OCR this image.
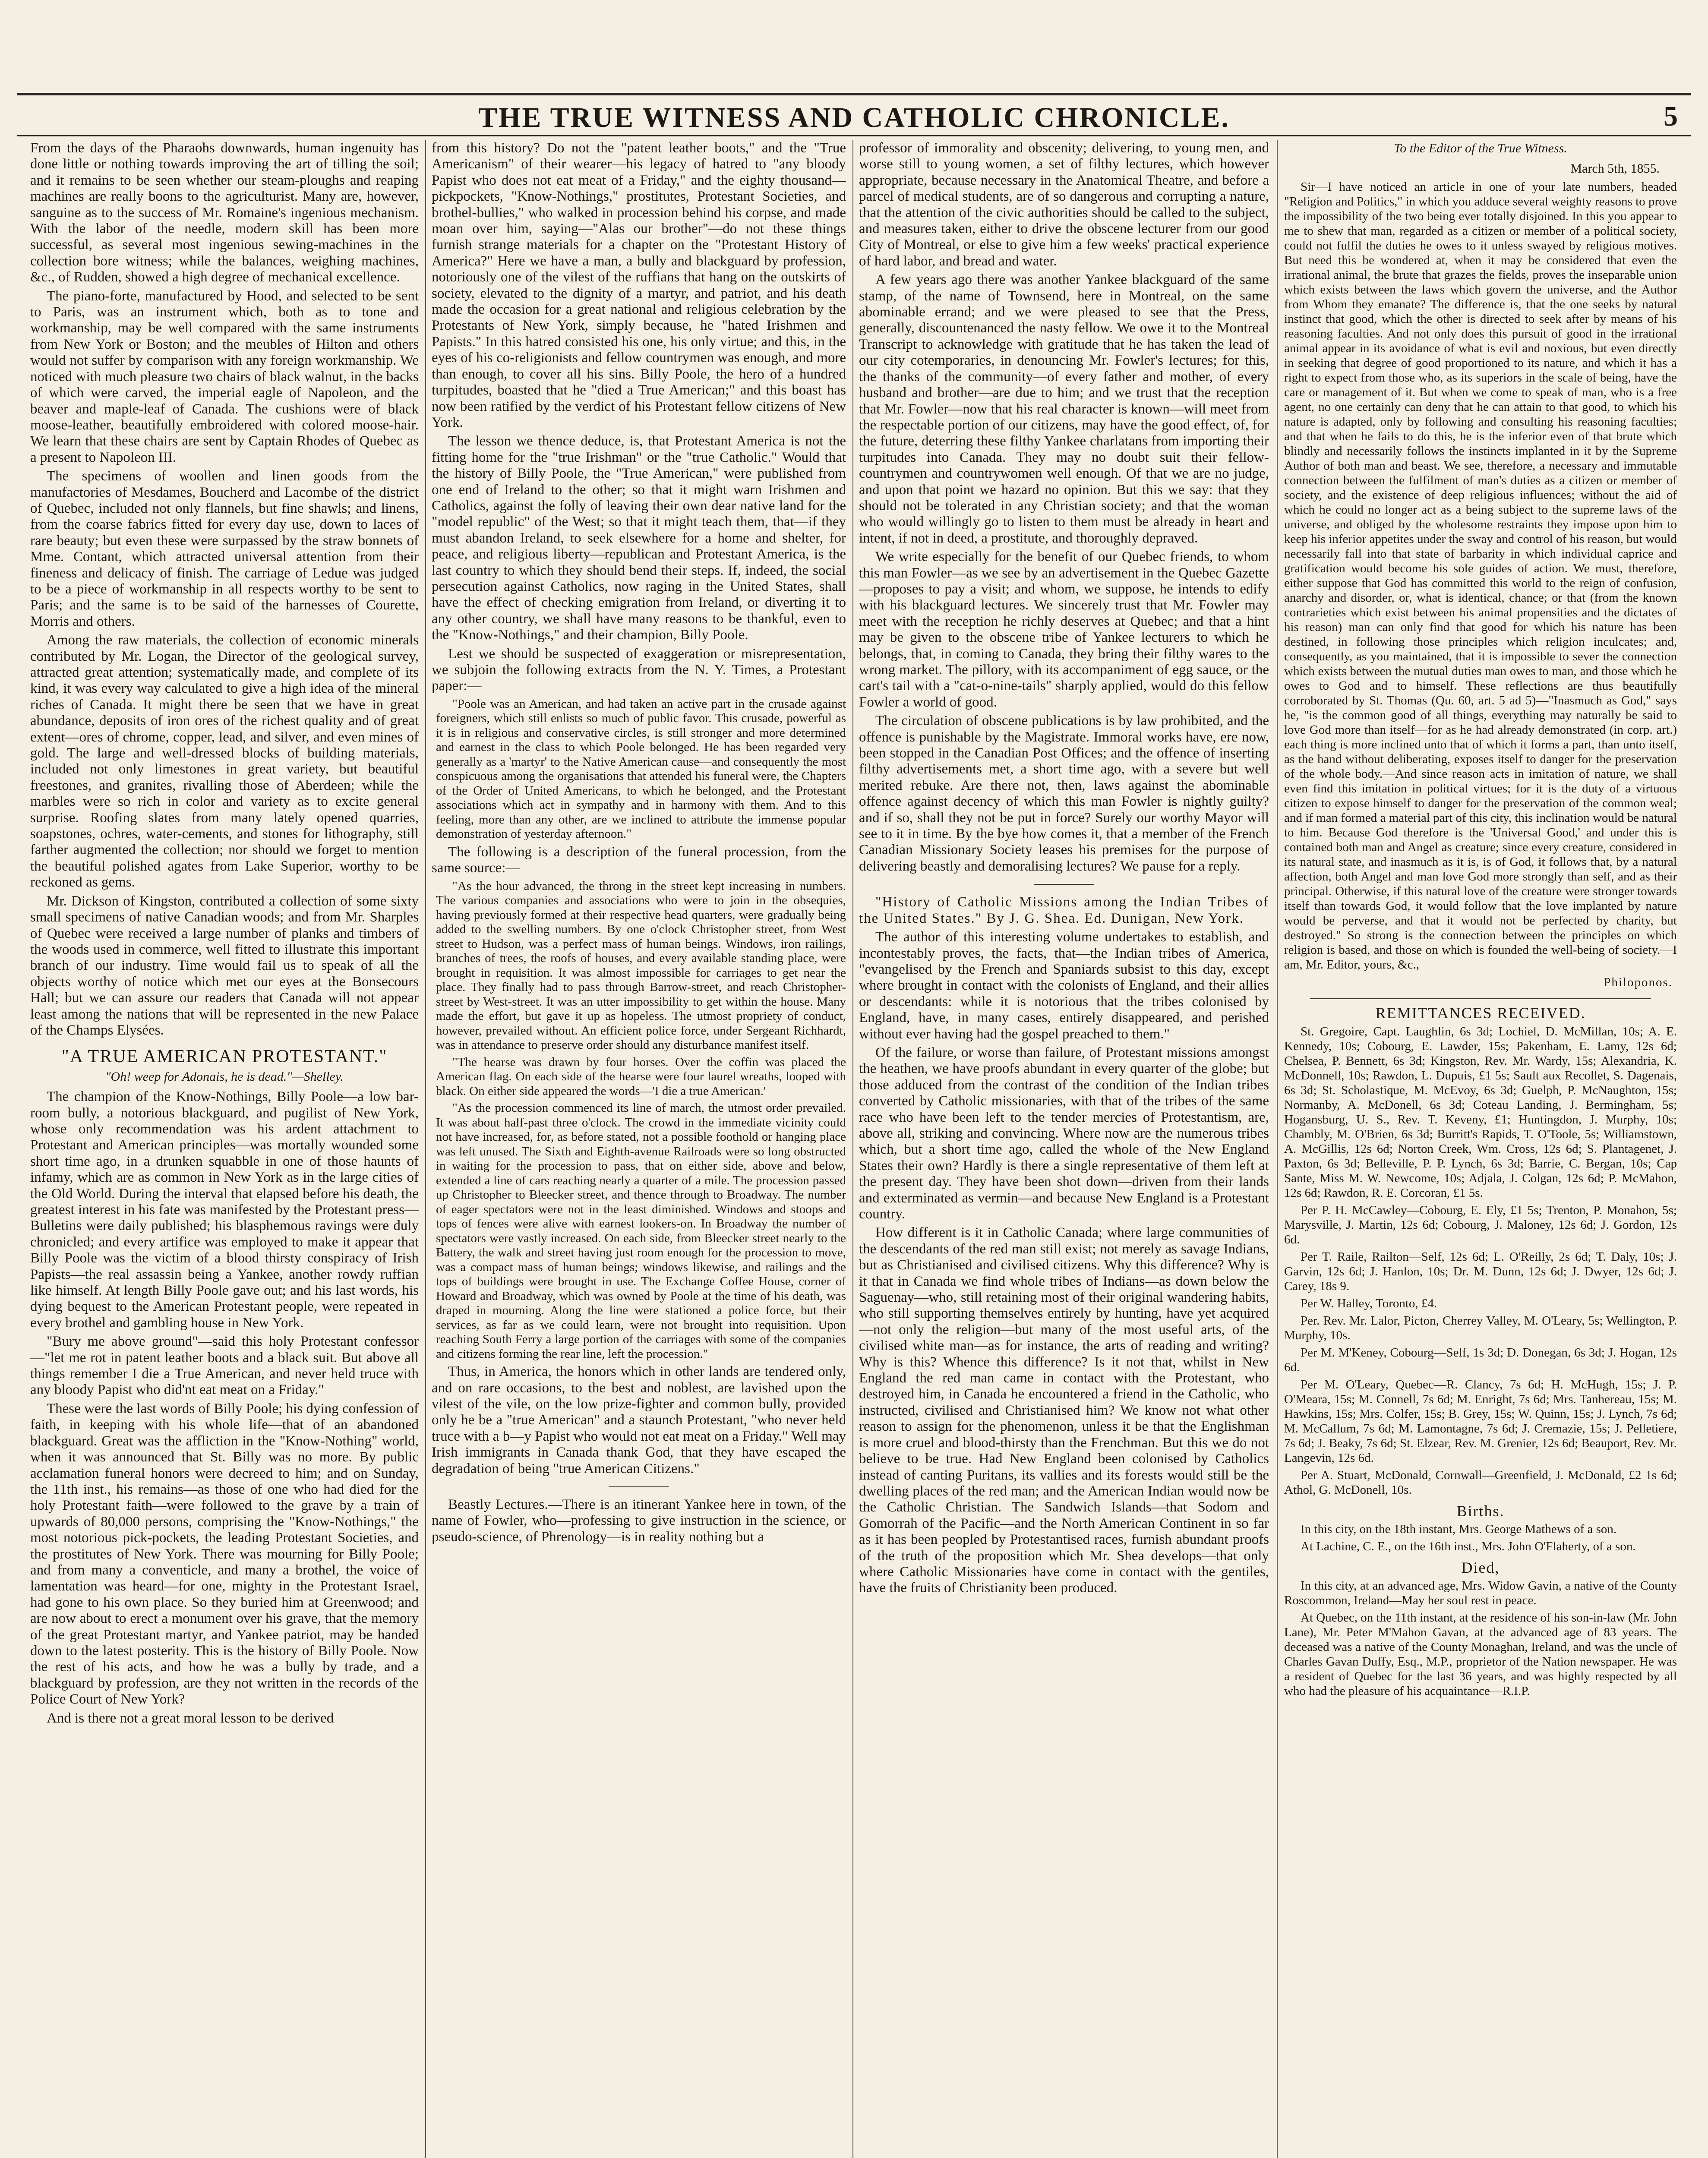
THE TRUE WITNESS AND CATHOLIC CHRONICLE.	5

From the days of the Pharaohs downwards, human ingenuity has done little or nothing towards improving the art of tilling the soil; and it remains to be seen whether our steam-ploughs and reaping machines are really boons to the agriculturist. Many are, however, sanguine as to the success of Mr. Romaine's ingenious mechanism. With the labor of the needle, modern skill has been more successful, as several most ingenious sewing-machines in the collection bore witness; while the balances, weighing machines, &c., of Rudden, showed a high degree of mechanical excellence.

The piano-forte, manufactured by Hood, and selected to be sent to Paris, was an instrument which, both as to tone and workmanship, may be well compared with the same instruments from New York or Boston; and the meubles of Hilton and others would not suffer by comparison with any foreign workmanship. We noticed with much pleasure two chairs of black walnut, in the backs of which were carved, the imperial eagle of Napoleon, and the beaver and maple-leaf of Canada. The cushions were of black moose-leather, beautifully embroidered with colored moose-hair. We learn that these chairs are sent by Captain Rhodes of Quebec as a present to Napoleon III.

The specimens of woollen and linen goods from the manufactories of Mesdames, Boucherd and Lacombe of the district of Quebec, included not only flannels, but fine shawls; and linens, from the coarse fabrics fitted for every day use, down to laces of rare beauty; but even these were surpassed by the straw bonnets of Mme. Contant, which attracted universal attention from their fineness and delicacy of finish. The carriage of Ledue was judged to be a piece of workmanship in all respects worthy to be sent to Paris; and the same is to be said of the harnesses of Courette, Morris and others.

Among the raw materials, the collection of economic minerals contributed by Mr. Logan, the Director of the geological survey, attracted great attention; systematically made, and complete of its kind, it was every way calculated to give a high idea of the mineral riches of Canada. It might there be seen that we have in great abundance, deposits of iron ores of the richest quality and of great extent—ores of chrome, copper, lead, and silver, and even mines of gold. The large and well-dressed blocks of building materials, included not only limestones in great variety, but beautiful freestones, and granites, rivalling those of Aberdeen; while the marbles were so rich in color and variety as to excite general surprise. Roofing slates from many lately opened quarries, soapstones, ochres, water-cements, and stones for lithography, still farther augmented the collection; nor should we forget to mention the beautiful polished agates from Lake Superior, worthy to be reckoned as gems.

Mr. Dickson of Kingston, contributed a collection of some sixty small specimens of native Canadian woods; and from Mr. Sharples of Quebec were received a large number of planks and timbers of the woods used in commerce, well fitted to illustrate this important branch of our industry. Time would fail us to speak of all the objects worthy of notice which met our eyes at the Bonsecours Hall; but we can assure our readers that Canada will not appear least among the nations that will be represented in the new Palace of the Champs Elysées.

"A TRUE AMERICAN PROTESTANT."

"Oh! weep for Adonais, he is dead."—Shelley.

The champion of the Know-Nothings, Billy Poole—a low bar-room bully, a notorious blackguard, and pugilist of New York, whose only recommendation was his ardent attachment to Protestant and American principles—was mortally wounded some short time ago, in a drunken squabble in one of those haunts of infamy, which are as common in New York as in the large cities of the Old World. During the interval that elapsed before his death, the greatest interest in his fate was manifested by the Protestant press—Bulletins were daily published; his blasphemous ravings were duly chronicled; and every artifice was employed to make it appear that Billy Poole was the victim of a blood thirsty conspiracy of Irish Papists—the real assassin being a Yankee, another rowdy ruffian like himself. At length Billy Poole gave out; and his last words, his dying bequest to the American Protestant people, were repeated in every brothel and gambling house in New York.

"Bury me above ground"—said this holy Protestant confessor—"let me rot in patent leather boots and a black suit. But above all things remember I die a True American, and never held truce with any bloody Papist who did'nt eat meat on a Friday."

These were the last words of Billy Poole; his dying confession of faith, in keeping with his whole life—that of an abandoned blackguard. Great was the affliction in the "Know-Nothing" world, when it was announced that St. Billy was no more. By public acclamation funeral honors were decreed to him; and on Sunday, the 11th inst., his remains—as those of one who had died for the holy Protestant faith—were followed to the grave by a train of upwards of 80,000 persons, comprising the "Know-Nothings," the most notorious pick-pockets, the leading Protestant Societies, and the prostitutes of New York. There was mourning for Billy Poole; and from many a conventicle, and many a brothel, the voice of lamentation was heard—for one, mighty in the Protestant Israel, had gone to his own place. So they buried him at Greenwood; and are now about to erect a monument over his grave, that the memory of the great Protestant martyr, and Yankee patriot, may be handed down to the latest posterity. This is the history of Billy Poole. Now the rest of his acts, and how he was a bully by trade, and a blackguard by profession, are they not written in the records of the Police Court of New York?

And is there not a great moral lesson to be derived

from this history? Do not the "patent leather boots," and the "True Americanism" of their wearer—his legacy of hatred to "any bloody Papist who does not eat meat of a Friday," and the eighty thousand—pickpockets, "Know-Nothings," prostitutes, Protestant Societies, and brothel-bullies," who walked in procession behind his corpse, and made moan over him, saying—"Alas our brother"—do not these things furnish strange materials for a chapter on the "Protestant History of America?" Here we have a man, a bully and blackguard by profession, notoriously one of the vilest of the ruffians that hang on the outskirts of society, elevated to the dignity of a martyr, and patriot, and his death made the occasion for a great national and religious celebration by the Protestants of New York, simply because, he "hated Irishmen and Papists." In this hatred consisted his one, his only virtue; and this, in the eyes of his co-religionists and fellow countrymen was enough, and more than enough, to cover all his sins. Billy Poole, the hero of a hundred turpitudes, boasted that he "died a True American;" and this boast has now been ratified by the verdict of his Protestant fellow citizens of New York.

The lesson we thence deduce, is, that Protestant America is not the fitting home for the "true Irishman" or the "true Catholic." Would that the history of Billy Poole, the "True American," were published from one end of Ireland to the other; so that it might warn Irishmen and Catholics, against the folly of leaving their own dear native land for the "model republic" of the West; so that it might teach them, that—if they must abandon Ireland, to seek elsewhere for a home and shelter, for peace, and religious liberty—republican and Protestant America, is the last country to which they should bend their steps. If, indeed, the social persecution against Catholics, now raging in the United States, shall have the effect of checking emigration from Ireland, or diverting it to any other country, we shall have many reasons to be thankful, even to the "Know-Nothings," and their champion, Billy Poole.

Lest we should be suspected of exaggeration or misrepresentation, we subjoin the following extracts from the N. Y. Times, a Protestant paper:—

"Poole was an American, and had taken an active part in the crusade against foreigners, which still enlists so much of public favor. This crusade, powerful as it is in religious and conservative circles, is still stronger and more determined and earnest in the class to which Poole belonged. He has been regarded very generally as a 'martyr' to the Native American cause—and consequently the most conspicuous among the organisations that attended his funeral were, the Chapters of the Order of United Americans, to which he belonged, and the Protestant associations which act in sympathy and in harmony with them. And to this feeling, more than any other, are we inclined to attribute the immense popular demonstration of yesterday afternoon."

The following is a description of the funeral procession, from the same source:—

"As the hour advanced, the throng in the street kept increasing in numbers. The various companies and associations who were to join in the obsequies, having previously formed at their respective head quarters, were gradually being added to the swelling numbers. By one o'clock Christopher street, from West street to Hudson, was a perfect mass of human beings. Windows, iron railings, branches of trees, the roofs of houses, and every available standing place, were brought in requisition. It was almost impossible for carriages to get near the place. They finally had to pass through Barrow-street, and reach Christopher-street by West-street. It was an utter impossibility to get within the house. Many made the effort, but gave it up as hopeless. The utmost propriety of conduct, however, prevailed without. An efficient police force, under Sergeant Richhardt, was in attendance to preserve order should any disturbance manifest itself.

"The hearse was drawn by four horses. Over the coffin was placed the American flag. On each side of the hearse were four laurel wreaths, looped with black. On either side appeared the words—'I die a true American.'

"As the procession commenced its line of march, the utmost order prevailed. It was about half-past three o'clock. The crowd in the immediate vicinity could not have increased, for, as before stated, not a possible foothold or hanging place was left unused. The Sixth and Eighth-avenue Railroads were so long obstructed in waiting for the procession to pass, that on either side, above and below, extended a line of cars reaching nearly a quarter of a mile. The procession passed up Christopher to Bleecker street, and thence through to Broadway. The number of eager spectators were not in the least diminished. Windows and stoops and tops of fences were alive with earnest lookers-on. In Broadway the number of spectators were vastly increased. On each side, from Bleecker street nearly to the Battery, the walk and street having just room enough for the procession to move, was a compact mass of human beings; windows likewise, and railings and the tops of buildings were brought in use. The Exchange Coffee House, corner of Howard and Broadway, which was owned by Poole at the time of his death, was draped in mourning. Along the line were stationed a police force, but their services, as far as we could learn, were not brought into requisition. Upon reaching South Ferry a large portion of the carriages with some of the companies and citizens forming the rear line, left the procession."

Thus, in America, the honors which in other lands are tendered only, and on rare occasions, to the best and noblest, are lavished upon the vilest of the vile, on the low prize-fighter and common bully, provided only he be a "true American" and a staunch Protestant, "who never held truce with a b—y Papist who would not eat meat on a Friday." Well may Irish immigrants in Canada thank God, that they have escaped the degradation of being "true American Citizens."

Beastly Lectures.—There is an itinerant Yankee here in town, of the name of Fowler, who—professing to give instruction in the science, or pseudo-science, of Phrenology—is in reality nothing but a

professor of immorality and obscenity; delivering, to young men, and worse still to young women, a set of filthy lectures, which however appropriate, because necessary in the Anatomical Theatre, and before a parcel of medical students, are of so dangerous and corrupting a nature, that the attention of the civic authorities should be called to the subject, and measures taken, either to drive the obscene lecturer from our good City of Montreal, or else to give him a few weeks' practical experience of hard labor, and bread and water.

A few years ago there was another Yankee blackguard of the same stamp, of the name of Townsend, here in Montreal, on the same abominable errand; and we were pleased to see that the Press, generally, discountenanced the nasty fellow. We owe it to the Montreal Transcript to acknowledge with gratitude that he has taken the lead of our city cotemporaries, in denouncing Mr. Fowler's lectures; for this, the thanks of the community—of every father and mother, of every husband and brother—are due to him; and we trust that the reception that Mr. Fowler—now that his real character is known—will meet from the respectable portion of our citizens, may have the good effect, of, for the future, deterring these filthy Yankee charlatans from importing their turpitudes into Canada. They may no doubt suit their fellow-countrymen and countrywomen well enough. Of that we are no judge, and upon that point we hazard no opinion. But this we say: that they should not be tolerated in any Christian society; and that the woman who would willingly go to listen to them must be already in heart and intent, if not in deed, a prostitute, and thoroughly depraved.

We write especially for the benefit of our Quebec friends, to whom this man Fowler—as we see by an advertisement in the Quebec Gazette—proposes to pay a visit; and whom, we suppose, he intends to edify with his blackguard lectures. We sincerely trust that Mr. Fowler may meet with the reception he richly deserves at Quebec; and that a hint may be given to the obscene tribe of Yankee lecturers to which he belongs, that, in coming to Canada, they bring their filthy wares to the wrong market. The pillory, with its accompaniment of egg sauce, or the cart's tail with a "cat-o-nine-tails" sharply applied, would do this fellow Fowler a world of good.

The circulation of obscene publications is by law prohibited, and the offence is punishable by the Magistrate. Immoral works have, ere now, been stopped in the Canadian Post Offices; and the offence of inserting filthy advertisements met, a short time ago, with a severe but well merited rebuke. Are there not, then, laws against the abominable offence against decency of which this man Fowler is nightly guilty? and if so, shall they not be put in force? Surely our worthy Mayor will see to it in time. By the bye how comes it, that a member of the French Canadian Missionary Society leases his premises for the purpose of delivering beastly and demoralising lectures? We pause for a reply.

"History of Catholic Missions among the Indian Tribes of the United States." By J. G. Shea. Ed. Dunigan, New York.

The author of this interesting volume undertakes to establish, and incontestably proves, the facts, that—the Indian tribes of America, "evangelised by the French and Spaniards subsist to this day, except where brought in contact with the colonists of England, and their allies or descendants: while it is notorious that the tribes colonised by England, have, in many cases, entirely disappeared, and perished without ever having had the gospel preached to them."

Of the failure, or worse than failure, of Protestant missions amongst the heathen, we have proofs abundant in every quarter of the globe; but those adduced from the contrast of the condition of the Indian tribes converted by Catholic missionaries, with that of the tribes of the same race who have been left to the tender mercies of Protestantism, are, above all, striking and convincing. Where now are the numerous tribes which, but a short time ago, called the whole of the New England States their own? Hardly is there a single representative of them left at the present day. They have been shot down—driven from their lands and exterminated as vermin—and because New England is a Protestant country.

How different is it in Catholic Canada; where large communities of the descendants of the red man still exist; not merely as savage Indians, but as Christianised and civilised citizens. Why this difference? Why is it that in Canada we find whole tribes of Indians—as down below the Saguenay—who, still retaining most of their original wandering habits, who still supporting themselves entirely by hunting, have yet acquired—not only the religion—but many of the most useful arts, of the civilised white man—as for instance, the arts of reading and writing? Why is this? Whence this difference? Is it not that, whilst in New England the red man came in contact with the Protestant, who destroyed him, in Canada he encountered a friend in the Catholic, who instructed, civilised and Christianised him? We know not what other reason to assign for the phenomenon, unless it be that the Englishman is more cruel and blood-thirsty than the Frenchman. But this we do not believe to be true. Had New England been colonised by Catholics instead of canting Puritans, its vallies and its forests would still be the dwelling places of the red man; and the American Indian would now be the Catholic Christian. The Sandwich Islands—that Sodom and Gomorrah of the Pacific—and the North American Continent in so far as it has been peopled by Protestantised races, furnish abundant proofs of the truth of the proposition which Mr. Shea develops—that only where Catholic Missionaries have come in contact with the gentiles, have the fruits of Christianity been produced.

To the Editor of the True Witness.

March 5th, 1855.

Sir—I have noticed an article in one of your late numbers, headed "Religion and Politics," in which you adduce several weighty reasons to prove the impossibility of the two being ever totally disjoined. In this you appear to me to shew that man, regarded as a citizen or member of a political society, could not fulfil the duties he owes to it unless swayed by religious motives. But need this be wondered at, when it may be considered that even the irrational animal, the brute that grazes the fields, proves the inseparable union which exists between the laws which govern the universe, and the Author from Whom they emanate? The difference is, that the one seeks by natural instinct that good, which the other is directed to seek after by means of his reasoning faculties. And not only does this pursuit of good in the irrational animal appear in its avoidance of what is evil and noxious, but even directly in seeking that degree of good proportioned to its nature, and which it has a right to expect from those who, as its superiors in the scale of being, have the care or management of it. But when we come to speak of man, who is a free agent, no one certainly can deny that he can attain to that good, to which his nature is adapted, only by following and consulting his reasoning faculties; and that when he fails to do this, he is the inferior even of that brute which blindly and necessarily follows the instincts implanted in it by the Supreme Author of both man and beast. We see, therefore, a necessary and immutable connection between the fulfilment of man's duties as a citizen or member of society, and the existence of deep religious influences; without the aid of which he could no longer act as a being subject to the supreme laws of the universe, and obliged by the wholesome restraints they impose upon him to keep his inferior appetites under the sway and control of his reason, but would necessarily fall into that state of barbarity in which individual caprice and gratification would become his sole guides of action. We must, therefore, either suppose that God has committed this world to the reign of confusion, anarchy and disorder, or, what is identical, chance; or that (from the known contrarieties which exist between his animal propensities and the dictates of his reason) man can only find that good for which his nature has been destined, in following those principles which religion inculcates; and, consequently, as you maintained, that it is impossible to sever the connection which exists between the mutual duties man owes to man, and those which he owes to God and to himself. These reflections are thus beautifully corroborated by St. Thomas (Qu. 60, art. 5 ad 5)—"Inasmuch as God," says he, "is the common good of all things, everything may naturally be said to love God more than itself—for as he had already demonstrated (in corp. art.) each thing is more inclined unto that of which it forms a part, than unto itself, as the hand without deliberating, exposes itself to danger for the preservation of the whole body.—And since reason acts in imitation of nature, we shall even find this imitation in political virtues; for it is the duty of a virtuous citizen to expose himself to danger for the preservation of the common weal; and if man formed a material part of this city, this inclination would be natural to him. Because God therefore is the 'Universal Good,' and under this is contained both man and Angel as creature; since every creature, considered in its natural state, and inasmuch as it is, is of God, it follows that, by a natural affection, both Angel and man love God more strongly than self, and as their principal. Otherwise, if this natural love of the creature were stronger towards itself than towards God, it would follow that the love implanted by nature would be perverse, and that it would not be perfected by charity, but destroyed." So strong is the connection between the principles on which religion is based, and those on which is founded the well-being of society.—I am, Mr. Editor, yours, &c.,

Philoponos.

REMITTANCES RECEIVED.

St. Gregoire, Capt. Laughlin, 6s 3d; Lochiel, D. McMillan, 10s; A. E. Kennedy, 10s; Cobourg, E. Lawder, 15s; Pakenham, E. Lamy, 12s 6d; Chelsea, P. Bennett, 6s 3d; Kingston, Rev. Mr. Wardy, 15s; Alexandria, K. McDonnell, 10s; Rawdon, L. Dupuis, £1 5s; Sault aux Recollet, S. Dagenais, 6s 3d; St. Scholastique, M. McEvoy, 6s 3d; Guelph, P. McNaughton, 15s; Normanby, A. McDonell, 6s 3d; Coteau Landing, J. Bermingham, 5s; Hogansburg, U. S., Rev. T. Keveny, £1; Huntingdon, J. Murphy, 10s; Chambly, M. O'Brien, 6s 3d; Burritt's Rapids, T. O'Toole, 5s; Williamstown, A. McGillis, 12s 6d; Norton Creek, Wm. Cross, 12s 6d; S. Plantagenet, J. Paxton, 6s 3d; Belleville, P. P. Lynch, 6s 3d; Barrie, C. Bergan, 10s; Cap Sante, Miss M. W. Newcome, 10s; Adjala, J. Colgan, 12s 6d; P. McMahon, 12s 6d; Rawdon, R. E. Corcoran, £1 5s.

Per P. H. McCawley—Cobourg, E. Ely, £1 5s; Trenton, P. Monahon, 5s; Marysville, J. Martin, 12s 6d; Cobourg, J. Maloney, 12s 6d; J. Gordon, 12s 6d.

Per T. Raile, Railton—Self, 12s 6d; L. O'Reilly, 2s 6d; T. Daly, 10s; J. Garvin, 12s 6d; J. Hanlon, 10s; Dr. M. Dunn, 12s 6d; J. Dwyer, 12s 6d; J. Carey, 18s 9.

Per W. Halley, Toronto, £4.

Per. Rev. Mr. Lalor, Picton, Cherrey Valley, M. O'Leary, 5s; Wellington, P. Murphy, 10s.

Per M. M'Keney, Cobourg—Self, 1s 3d; D. Donegan, 6s 3d; J. Hogan, 12s 6d.

Per M. O'Leary, Quebec—R. Clancy, 7s 6d; H. McHugh, 15s; J. P. O'Meara, 15s; M. Connell, 7s 6d; M. Enright, 7s 6d; Mrs. Tanhereau, 15s; M. Hawkins, 15s; Mrs. Colfer, 15s; B. Grey, 15s; W. Quinn, 15s; J. Lynch, 7s 6d; M. McCallum, 7s 6d; M. Lamontagne, 7s 6d; J. Cremazie, 15s; J. Pelletiere, 7s 6d; J. Beaky, 7s 6d; St. Elzear, Rev. M. Grenier, 12s 6d; Beauport, Rev. Mr. Langevin, 12s 6d.

Per A. Stuart, McDonald, Cornwall—Greenfield, J. McDonald, £2 1s 6d; Athol, G. McDonell, 10s.

Births.

In this city, on the 18th instant, Mrs. George Mathews of a son.

At Lachine, C. E., on the 16th inst., Mrs. John O'Flaherty, of a son.

Died,

In this city, at an advanced age, Mrs. Widow Gavin, a native of the County Roscommon, Ireland—May her soul rest in peace.

At Quebec, on the 11th instant, at the residence of his son-in-law (Mr. John Lane), Mr. Peter M'Mahon Gavan, at the advanced age of 83 years. The deceased was a native of the County Monaghan, Ireland, and was the uncle of Charles Gavan Duffy, Esq., M.P., proprietor of the Nation newspaper. He was a resident of Quebec for the last 36 years, and was highly respected by all who had the pleasure of his acquaintance—R.I.P.
